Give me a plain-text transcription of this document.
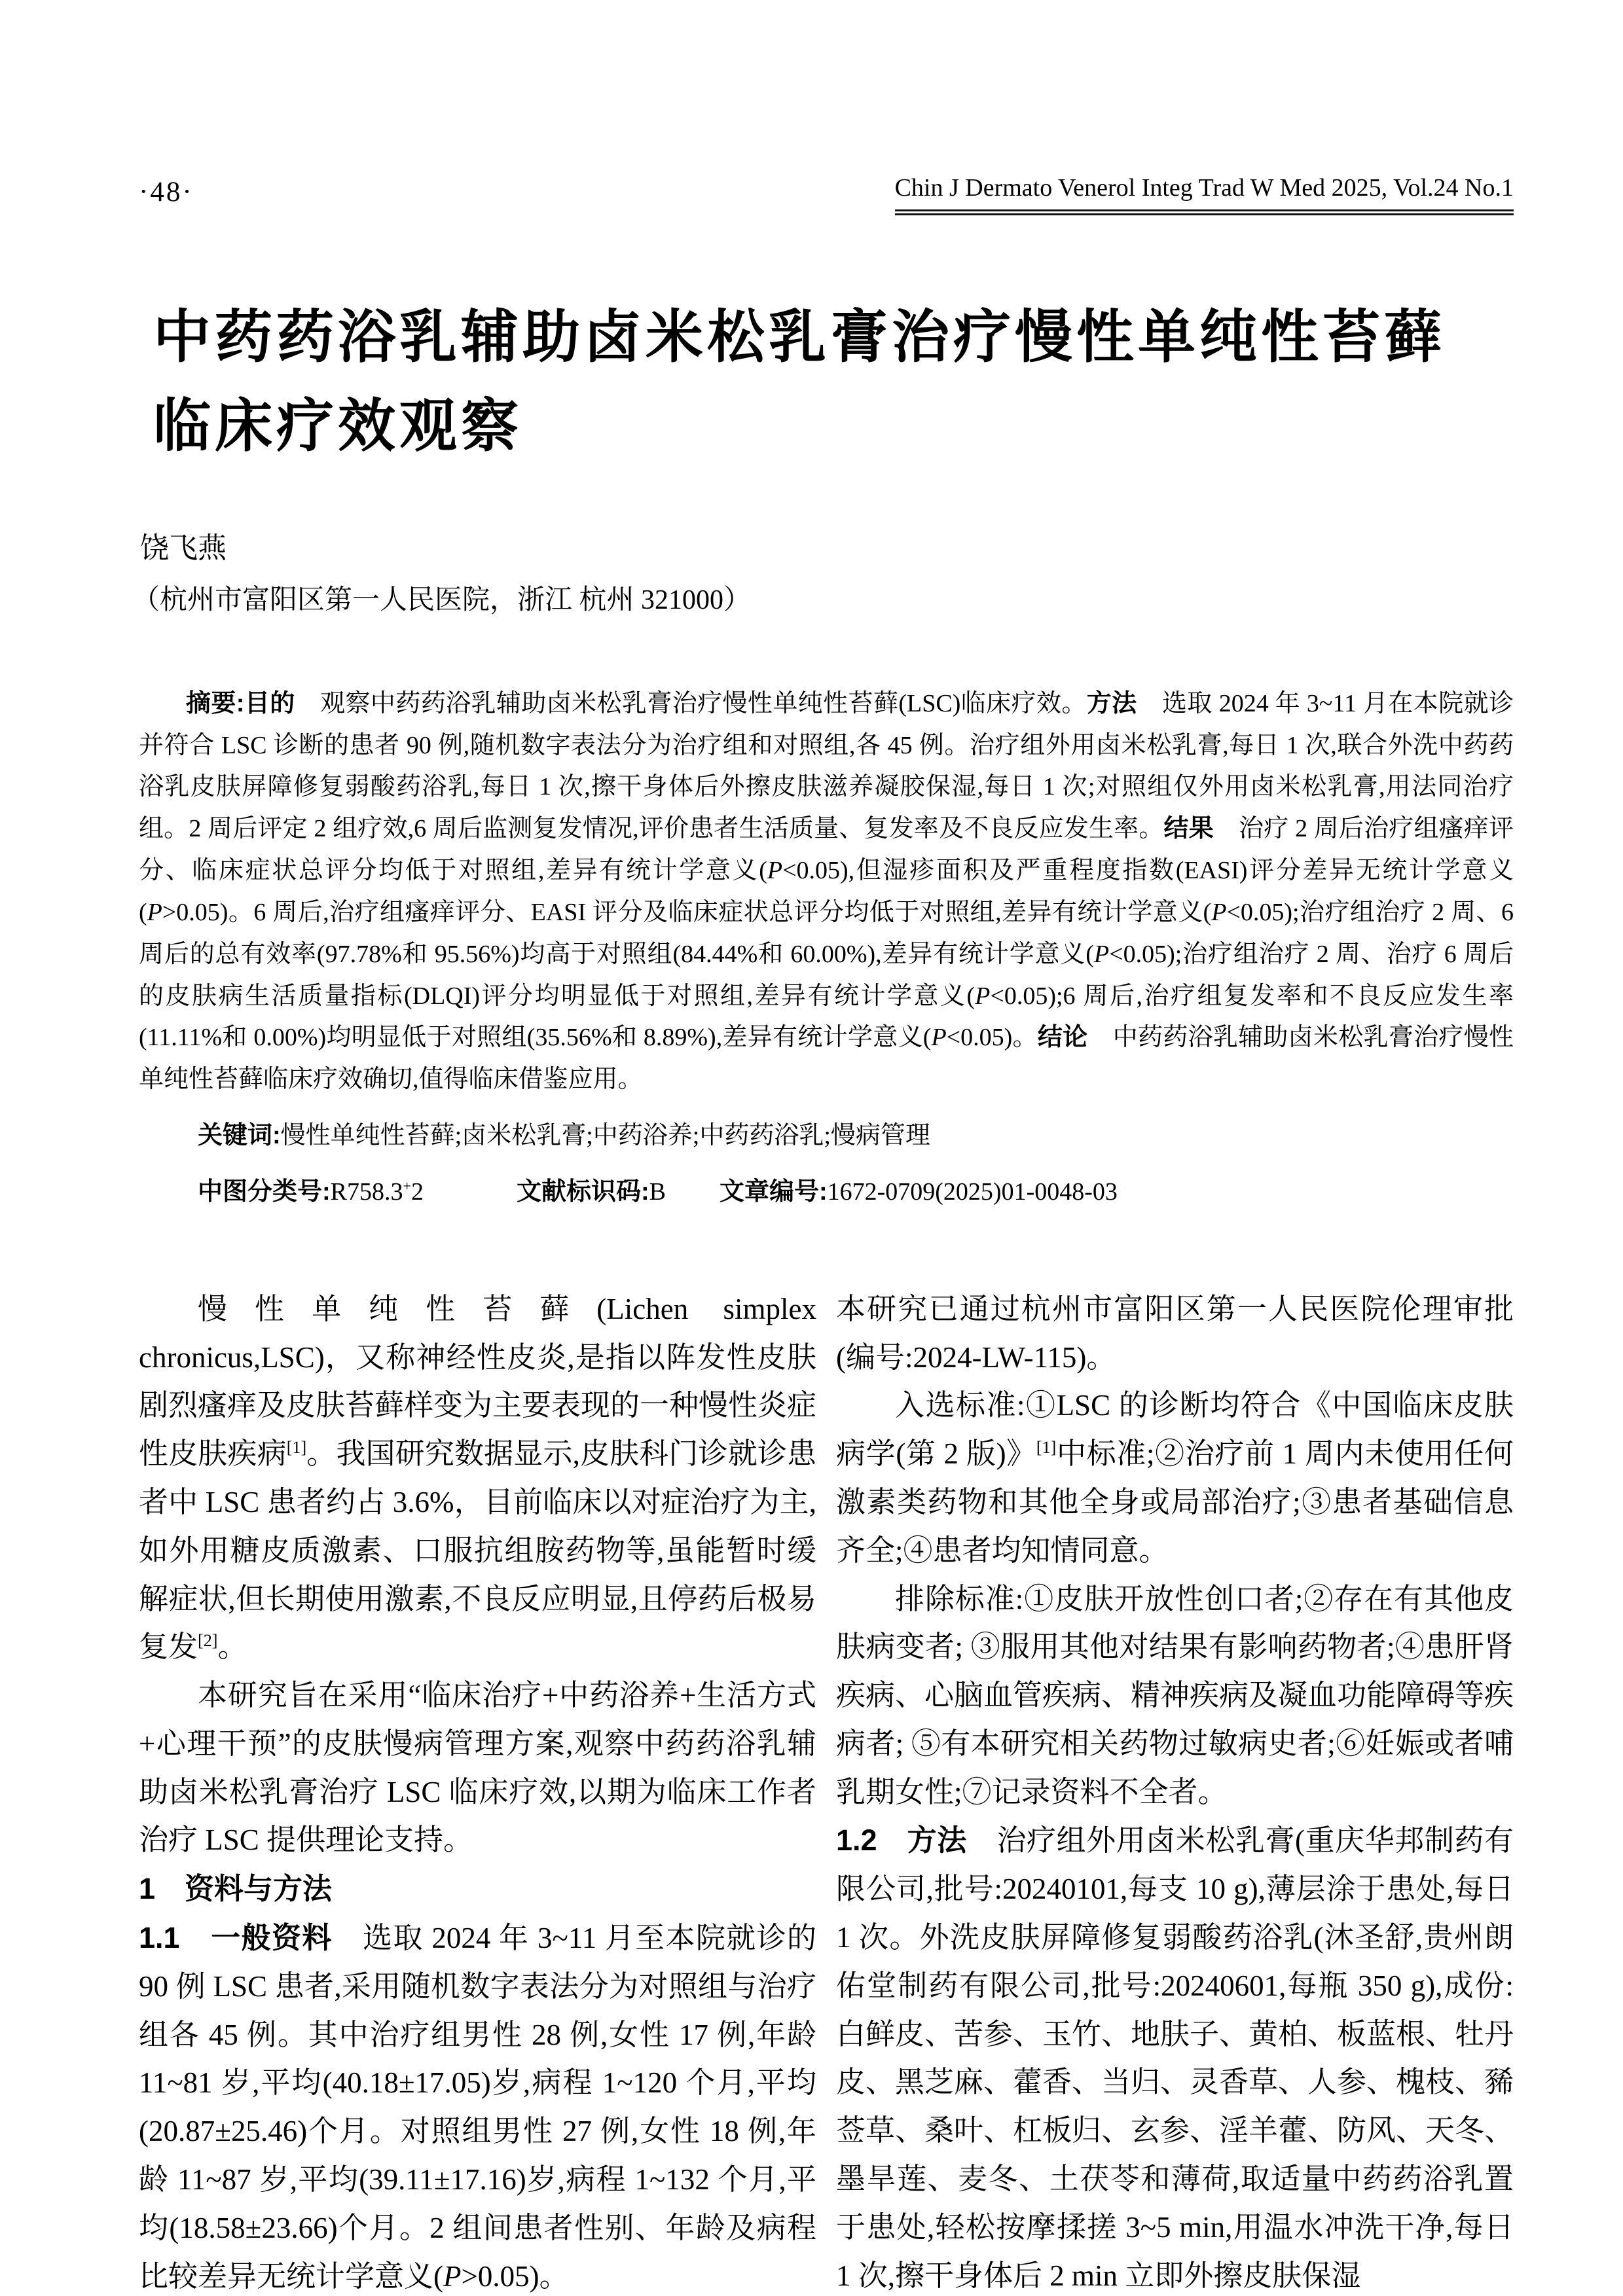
·48·	Chin J Dermato Venerol Integ Trad W Med 2025, Vol.24 No.1
中药药浴乳辅助卤米松乳膏治疗慢性单纯性苔藓
临床疗效观察
饶飞燕
（杭州市富阳区第一人民医院，浙江 杭州 321000）

摘要:目的　观察中药药浴乳辅助卤米松乳膏治疗慢性单纯性苔藓(LSC)临床疗效。方法　选取 2024 年 3~11 月在本院就诊并符合 LSC 诊断的患者 90 例,随机数字表法分为治疗组和对照组,各 45 例。治疗组外用卤米松乳膏,每日 1 次,联合外洗中药药浴乳皮肤屏障修复弱酸药浴乳,每日 1 次,擦干身体后外擦皮肤滋养凝胶保湿,每日 1 次;对照组仅外用卤米松乳膏,用法同治疗组。2 周后评定 2 组疗效,6 周后监测复发情况,评价患者生活质量、复发率及不良反应发生率。结果　治疗 2 周后治疗组瘙痒评分、临床症状总评分均低于对照组,差异有统计学意义(P<0.05),但湿疹面积及严重程度指数(EASI)评分差异无统计学意义(P>0.05)。6 周后,治疗组瘙痒评分、EASI 评分及临床症状总评分均低于对照组,差异有统计学意义(P<0.05);治疗组治疗 2 周、6 周后的总有效率(97.78%和 95.56%)均高于对照组(84.44%和 60.00%),差异有统计学意义(P<0.05);治疗组治疗 2 周、治疗 6 周后的皮肤病生活质量指标(DLQI)评分均明显低于对照组,差异有统计学意义(P<0.05);6 周后,治疗组复发率和不良反应发生率(11.11%和 0.00%)均明显低于对照组(35.56%和 8.89%),差异有统计学意义(P<0.05)。结论　中药药浴乳辅助卤米松乳膏治疗慢性单纯性苔藓临床疗效确切,值得临床借鉴应用。

关键词:慢性单纯性苔藓;卤米松乳膏;中药浴养;中药药浴乳;慢病管理

中图分类号:R758.3+2	文献标识码:B 文章编号:1672-0709(2025)01-0048-03

慢性单纯性苔藓(Lichen simplex chronicus,LSC)，又称神经性皮炎,是指以阵发性皮肤剧烈瘙痒及皮肤苔藓样变为主要表现的一种慢性炎症性皮肤疾病[1]。我国研究数据显示,皮肤科门诊就诊患者中 LSC 患者约占 3.6%，目前临床以对症治疗为主,如外用糖皮质激素、口服抗组胺药物等,虽能暂时缓解症状,但长期使用激素,不良反应明显,且停药后极易复发[2]。

本研究旨在采用“临床治疗+中药浴养+生活方式+心理干预”的皮肤慢病管理方案,观察中药药浴乳辅助卤米松乳膏治疗 LSC 临床疗效,以期为临床工作者治疗 LSC 提供理论支持。

1　资料与方法

1.1　一般资料　选取 2024 年 3~11 月至本院就诊的 90 例 LSC 患者,采用随机数字表法分为对照组与治疗组各 45 例。其中治疗组男性 28 例,女性 17 例,年龄 11~81 岁,平均(40.18±17.05)岁,病程 1~120 个月,平均(20.87±25.46)个月。对照组男性 27 例,女性 18 例,年龄 11~87 岁,平均(39.11±17.16)岁,病程 1~132 个月,平均(18.58±23.66)个月。2 组间患者性别、年龄及病程比较差异无统计学意义(P>0.05)。

本研究已通过杭州市富阳区第一人民医院伦理审批(编号:2024-LW-115)。

入选标准:①LSC 的诊断均符合《中国临床皮肤病学(第 2 版)》[1]中标准;②治疗前 1 周内未使用任何激素类药物和其他全身或局部治疗;③患者基础信息齐全;④患者均知情同意。

排除标准:①皮肤开放性创口者;②存在有其他皮肤病变者; ③服用其他对结果有影响药物者;④患肝肾疾病、心脑血管疾病、精神疾病及凝血功能障碍等疾病者; ⑤有本研究相关药物过敏病史者;⑥妊娠或者哺乳期女性;⑦记录资料不全者。

1.2　方法　治疗组外用卤米松乳膏(重庆华邦制药有限公司,批号:20240101,每支 10 g),薄层涂于患处,每日 1 次。外洗皮肤屏障修复弱酸药浴乳(沐圣舒,贵州朗佑堂制药有限公司,批号:20240601,每瓶 350 g),成份:白鲜皮、苦参、玉竹、地肤子、黄柏、板蓝根、牡丹皮、黑芝麻、藿香、当归、灵香草、人参、槐枝、豨莶草、桑叶、杠板归、玄参、淫羊藿、防风、天冬、墨旱莲、麦冬、土茯苓和薄荷,取适量中药药浴乳置于患处,轻松按摩揉搓 3~5 min,用温水冲洗干净,每日 1 次,擦干身体后 2 min 立即外擦皮肤保湿
